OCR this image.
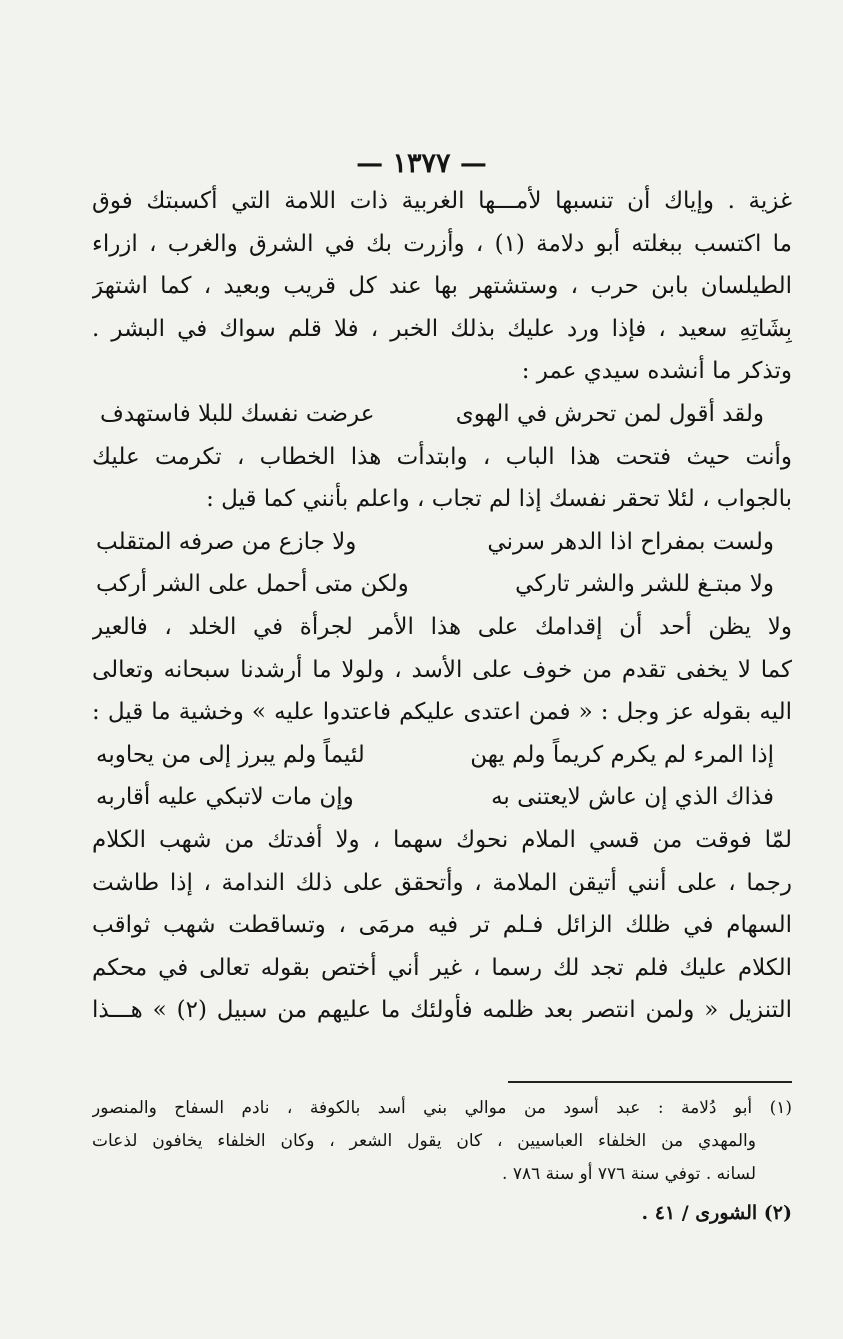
— ١٣٧٧ —
غزية . وإياك أن تنسبها لأمـــها الغربية ذات اللامة التي أكسبتك فوق
ما اكتسب ببغلته أبو دلامة (١) ، وأزرت بك في الشرق والغرب ، ازراء
الطيلسان بابن حرب ، وستشتهر بها عند كل قريب وبعيد ، كما اشتهرَ
بِشَاتِهِ سعيد ، فإذا ورد عليك بذلك الخبر ، فلا قلم سواك في البشر .
وتذكر ما أنشده سيدي عمر :
ولقد أقول لمن تحرش في الهوى
عرضت نفسك للبلا فاستهدف
وأنت حيث فتحت هذا الباب ، وابتدأت هذا الخطاب ، تكرمت عليك
بالجواب ، لئلا تحقر نفسك إذا لم تجاب ، واعلم بأنني كما قيل :
ولست بمفراح اذا الدهر سرني
ولا جازع من صرفه المتقلب
ولا مبتـغ للشر والشر تاركي
ولكن متى أحمل على الشر أركب
ولا يظن أحد أن إقدامك على هذا الأمر لجرأة في الخلد ، فالعير
كما لا يخفى تقدم من خوف على الأسد ، ولولا ما أرشدنا سبحانه وتعالى
اليه بقوله عز وجل : « فمن اعتدى عليكم فاعتدوا عليه » وخشية ما قيل :
إذا المرء لم يكرم كريماً ولم يهن
لئيماً ولم يبرز إلى من يحاوبه
فذاك الذي إن عاش لايعتنى به
وإن مات لاتبكي عليه أقاربه
لمّا فوقت من قسي الملام نحوك سهما ، ولا أفدتك من شهب الكلام
رجما ، على أنني أتيقن الملامة ، وأتحقق على ذلك الندامة ، إذا طاشت
السهام في ظلك الزائل فـلم تر فيه مرمَى ، وتساقطت شهب ثواقب
الكلام عليك فلم تجد لك رسما ، غير أني أختص بقوله تعالى في محكم
التنزيل « ولمن انتصر بعد ظلمه فأولئك ما عليهم من سبيل (٢) » هـــذا
(١) أبو دُلامة : عبد أسود من موالي بني أسد بالكوفة ، نادم السفاح والمنصور
والمهدي من الخلفاء العباسيين ، كان يقول الشعر ، وكان الخلفاء يخافون لذعات
لسانه . توفي سنة ٧٧٦ أو سنة ٧٨٦ .
(٢) الشورى / ٤١ .
